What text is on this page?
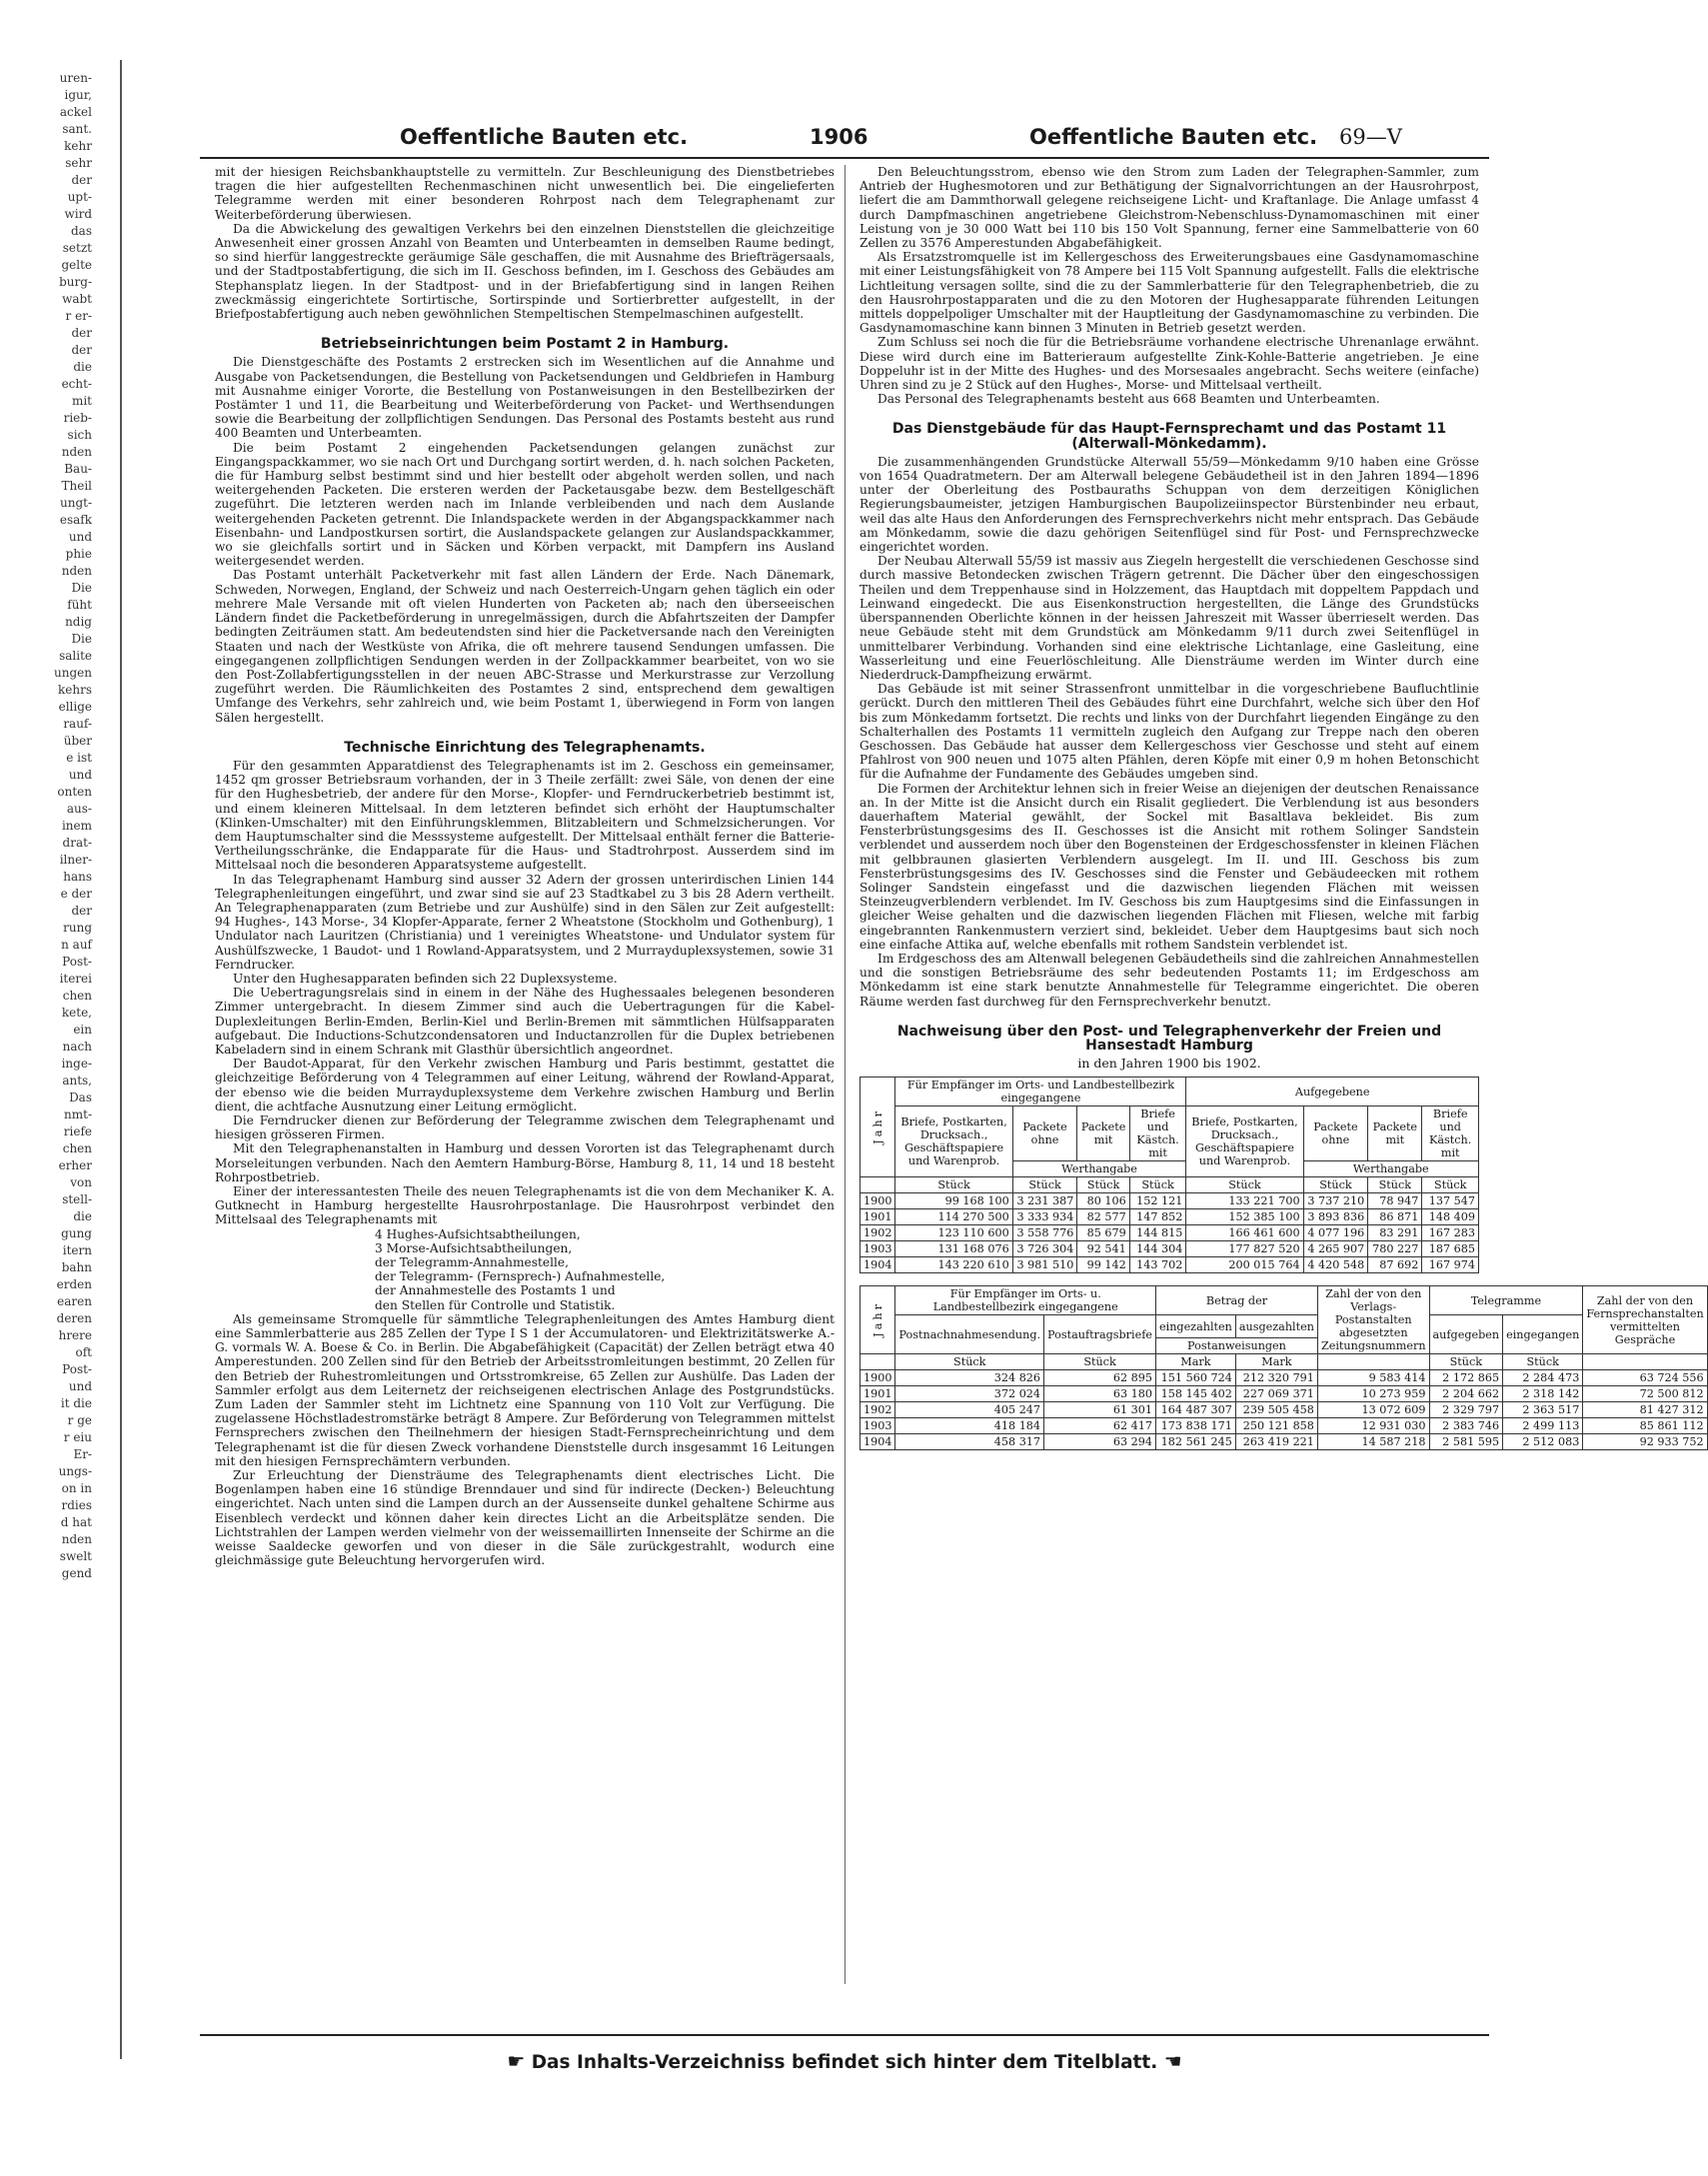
uren-
igur,
ackel
sant.
kehr
sehr
der
upt-
wird
das
setzt
gelte
burg-
wabt
r er-
der
der
die
echt-
mit
rieb-
sich
nden
Bau-
Theil
ungt-
esafk
und
phie
nden
Die
füht
ndig
Die
salite
ungen
kehrs
ellige
rauf-
über
e ist
und
onten
aus-
inem
drat-
ilner-
hans
e der
der
rung
n auf
Post-
iterei
chen
kete,
ein
nach
inge-
ants,
Das
nmt-
riefe
chen
erher
von
stell-
die
gung
itern
bahn
erden
earen
deren
hrere
oft
Post-
und
it die
r ge
r eiu
Er-
ungs-
on in
rdies
d hat
nden
swelt
gend
Oeffentliche Bauten etc.	1906	Oeffentliche Bauten etc. 69—V

mit der hiesigen Reichsbankhauptstelle zu vermitteln. Zur Beschleunigung des Dienstbetriebes tragen die hier aufgestellten Rechenmaschinen nicht unwesentlich bei. Die eingelieferten Telegramme werden mit einer besonderen Rohrpost nach dem Telegraphenamt zur Weiterbeförderung überwiesen.

Da die Abwickelung des gewaltigen Verkehrs bei den einzelnen Dienststellen die gleichzeitige Anwesenheit einer grossen Anzahl von Beamten und Unterbeamten in demselben Raume bedingt, so sind hierfür langgestreckte geräumige Säle geschaffen, die mit Ausnahme des Briefträgersaals, und der Stadtpostabfertigung, die sich im II. Geschoss befinden, im I. Geschoss des Gebäudes am Stephansplatz liegen. In der Stadtpost- und in der Briefabfertigung sind in langen Reihen zweckmässig eingerichtete Sortirtische, Sortirspinde und Sortierbretter aufgestellt, in der Briefpostabfertigung auch neben gewöhnlichen Stempeltischen Stempelmaschinen aufgestellt.

Betriebseinrichtungen beim Postamt 2 in Hamburg.

Die Dienstgeschäfte des Postamts 2 erstrecken sich im Wesentlichen auf die Annahme und Ausgabe von Packetsendungen, die Bestellung von Packetsendungen und Geldbriefen in Hamburg mit Ausnahme einiger Vororte, die Bestellung von Postanweisungen in den Bestellbezirken der Postämter 1 und 11, die Bearbeitung und Weiterbeförderung von Packet- und Werthsendungen sowie die Bearbeitung der zollpflichtigen Sendungen. Das Personal des Postamts besteht aus rund 400 Beamten und Unterbeamten.

Die beim Postamt 2 eingehenden Packetsendungen gelangen zunächst zur Eingangspackkammer, wo sie nach Ort und Durchgang sortirt werden, d. h. nach solchen Packeten, die für Hamburg selbst bestimmt sind und hier bestellt oder abgeholt werden sollen, und nach weitergehenden Packeten. Die ersteren werden der Packetausgabe bezw. dem Bestellgeschäft zugeführt. Die letzteren werden nach im Inlande verbleibenden und nach dem Auslande weitergehenden Packeten getrennt. Die Inlandspackete werden in der Abgangspackkammer nach Eisenbahn- und Landpostkursen sortirt, die Auslandspackete gelangen zur Auslandspackkammer, wo sie gleichfalls sortirt und in Säcken und Körben verpackt, mit Dampfern ins Ausland weitergesendet werden.

Das Postamt unterhält Packetverkehr mit fast allen Ländern der Erde. Nach Dänemark, Schweden, Norwegen, England, der Schweiz und nach Oesterreich-Ungarn gehen täglich ein oder mehrere Male Versande mit oft vielen Hunderten von Packeten ab; nach den überseeischen Ländern findet die Packetbeförderung in unregelmässigen, durch die Abfahrtszeiten der Dampfer bedingten Zeiträumen statt. Am bedeutendsten sind hier die Packetversande nach den Vereinigten Staaten und nach der Westküste von Afrika, die oft mehrere tausend Sendungen umfassen. Die eingegangenen zollpflichtigen Sendungen werden in der Zollpackkammer bearbeitet, von wo sie den Post-Zollabfertigungsstellen in der neuen ABC-Strasse und Merkurstrasse zur Verzollung zugeführt werden. Die Räumlichkeiten des Postamtes 2 sind, entsprechend dem gewaltigen Umfange des Verkehrs, sehr zahlreich und, wie beim Postamt 1, überwiegend in Form von langen Sälen hergestellt.

Technische Einrichtung des Telegraphenamts.

Für den gesammten Apparatdienst des Telegraphenamts ist im 2. Geschoss ein gemeinsamer, 1452 qm grosser Betriebsraum vorhanden, der in 3 Theile zerfällt: zwei Säle, von denen der eine für den Hughesbetrieb, der andere für den Morse-, Klopfer- und Ferndruckerbetrieb bestimmt ist, und einem kleineren Mittelsaal. In dem letzteren befindet sich erhöht der Hauptumschalter (Klinken-Umschalter) mit den Einführungsklemmen, Blitzableitern und Schmelzsicherungen. Vor dem Hauptumschalter sind die Messsysteme aufgestellt. Der Mittelsaal enthält ferner die Batterie-Vertheilungsschränke, die Endapparate für die Haus- und Stadtrohrpost. Ausserdem sind im Mittelsaal noch die besonderen Apparatsysteme aufgestellt.

In das Telegraphenamt Hamburg sind ausser 32 Adern der grossen unterirdischen Linien 144 Telegraphenleitungen eingeführt, und zwar sind sie auf 23 Stadtkabel zu 3 bis 28 Adern vertheilt. An Telegraphenapparaten (zum Betriebe und zur Aushülfe) sind in den Sälen zur Zeit aufgestellt: 94 Hughes-, 143 Morse-, 34 Klopfer-Apparate, ferner 2 Wheatstone (Stockholm und Gothenburg), 1 Undulator nach Lauritzen (Christiania) und 1 vereinigtes Wheatstone- und Undulator system für Aushülfszwecke, 1 Baudot- und 1 Rowland-Apparatsystem, und 2 Murrayduplexsystemen, sowie 31 Ferndrucker.

Unter den Hughesapparaten befinden sich 22 Duplexsysteme.

Die Uebertragungsrelais sind in einem in der Nähe des Hughessaales belegenen besonderen Zimmer untergebracht. In diesem Zimmer sind auch die Uebertragungen für die Kabel-Duplexleitungen Berlin-Emden, Berlin-Kiel und Berlin-Bremen mit sämmtlichen Hülfsapparaten aufgebaut. Die Inductions-Schutzcondensatoren und Inductanzrollen für die Duplex betriebenen Kabeladern sind in einem Schrank mit Glasthür übersichtlich angeordnet.

Der Baudot-Apparat, für den Verkehr zwischen Hamburg und Paris bestimmt, gestattet die gleichzeitige Beförderung von 4 Telegrammen auf einer Leitung, während der Rowland-Apparat, der ebenso wie die beiden Murrayduplexsysteme dem Verkehre zwischen Hamburg und Berlin dient, die achtfache Ausnutzung einer Leitung ermöglicht.

Die Ferndrucker dienen zur Beförderung der Telegramme zwischen dem Telegraphenamt und hiesigen grösseren Firmen.

Mit den Telegraphenanstalten in Hamburg und dessen Vororten ist das Telegraphenamt durch Morseleitungen verbunden. Nach den Aemtern Hamburg-Börse, Hamburg 8, 11, 14 und 18 besteht Rohrpostbetrieb.

Einer der interessantesten Theile des neuen Telegraphenamts ist die von dem Mechaniker K. A. Gutknecht in Hamburg hergestellte Hausrohrpostanlage. Die Hausrohrpost verbindet den Mittelsaal des Telegraphenamts mit

4 Hughes-Aufsichtsabtheilungen,
3 Morse-Aufsichtsabtheilungen,
der Telegramm-Annahmestelle,
der Telegramm- (Fernsprech-) Aufnahmestelle,
der Annahmestelle des Postamts 1 und
den Stellen für Controlle und Statistik.

Als gemeinsame Stromquelle für sämmtliche Telegraphenleitungen des Amtes Hamburg dient eine Sammlerbatterie aus 285 Zellen der Type I S 1 der Accumulatoren- und Elektrizitätswerke A.-G. vormals W. A. Boese & Co. in Berlin. Die Abgabefähigkeit (Capacität) der Zellen beträgt etwa 40 Amperestunden. 200 Zellen sind für den Betrieb der Arbeitsstromleitungen bestimmt, 20 Zellen für den Betrieb der Ruhestromleitungen und Ortsstromkreise, 65 Zellen zur Aushülfe. Das Laden der Sammler erfolgt aus dem Leiternetz der reichseigenen electrischen Anlage des Postgrundstücks. Zum Laden der Sammler steht im Lichtnetz eine Spannung von 110 Volt zur Verfügung. Die zugelassene Höchstladestromstärke beträgt 8 Ampere. Zur Beförderung von Telegrammen mittelst Fernsprechers zwischen den Theilnehmern der hiesigen Stadt-Fernsprecheinrichtung und dem Telegraphenamt ist die für diesen Zweck vorhandene Dienststelle durch insgesammt 16 Leitungen mit den hiesigen Fernsprechämtern verbunden.

Zur Erleuchtung der Diensträume des Telegraphenamts dient electrisches Licht. Die Bogenlampen haben eine 16 stündige Brenndauer und sind für indirecte (Decken-) Beleuchtung eingerichtet. Nach unten sind die Lampen durch an der Aussenseite dunkel gehaltene Schirme aus Eisenblech verdeckt und können daher kein directes Licht an die Arbeitsplätze senden. Die Lichtstrahlen der Lampen werden vielmehr von der weissemaillirten Innenseite der Schirme an die weisse Saaldecke geworfen und von dieser in die Säle zurückgestrahlt, wodurch eine gleichmässige gute Beleuchtung hervorgerufen wird.

Den Beleuchtungsstrom, ebenso wie den Strom zum Laden der Telegraphen-Sammler, zum Antrieb der Hughesmotoren und zur Bethätigung der Signalvorrichtungen an der Hausrohrpost, liefert die am Dammthorwall gelegene reichseigene Licht- und Kraftanlage. Die Anlage umfasst 4 durch Dampfmaschinen angetriebene Gleichstrom-Nebenschluss-Dynamomaschinen mit einer Leistung von je 30 000 Watt bei 110 bis 150 Volt Spannung, ferner eine Sammelbatterie von 60 Zellen zu 3576 Amperestunden Abgabefähigkeit.

Als Ersatzstromquelle ist im Kellergeschoss des Erweiterungsbaues eine Gasdynamomaschine mit einer Leistungsfähigkeit von 78 Ampere bei 115 Volt Spannung aufgestellt. Falls die elektrische Lichtleitung versagen sollte, sind die zu der Sammlerbatterie für den Telegraphenbetrieb, die zu den Hausrohrpostapparaten und die zu den Motoren der Hughesapparate führenden Leitungen mittels doppelpoliger Umschalter mit der Hauptleitung der Gasdynamomaschine zu verbinden. Die Gasdynamomaschine kann binnen 3 Minuten in Betrieb gesetzt werden.

Zum Schluss sei noch die für die Betriebsräume vorhandene electrische Uhrenanlage erwähnt. Diese wird durch eine im Batterieraum aufgestellte Zink-Kohle-Batterie angetrieben. Je eine Doppeluhr ist in der Mitte des Hughes- und des Morsesaales angebracht. Sechs weitere (einfache) Uhren sind zu je 2 Stück auf den Hughes-, Morse- und Mittelsaal vertheilt.

Das Personal des Telegraphenamts besteht aus 668 Beamten und Unterbeamten.

Das Dienstgebäude für das Haupt-Fernsprechamt und das Postamt 11 (Alterwall-Mönkedamm).

Die zusammenhängenden Grundstücke Alterwall 55/59—Mönkedamm 9/10 haben eine Grösse von 1654 Quadratmetern. Der am Alterwall belegene Gebäudetheil ist in den Jahren 1894—1896 unter der Oberleitung des Postbauraths Schuppan von dem derzeitigen Königlichen Regierungsbaumeister, jetzigen Hamburgischen Baupolizeiinspector Bürstenbinder neu erbaut, weil das alte Haus den Anforderungen des Fernsprechverkehrs nicht mehr entsprach. Das Gebäude am Mönkedamm, sowie die dazu gehörigen Seitenflügel sind für Post- und Fernsprechzwecke eingerichtet worden.

Der Neubau Alterwall 55/59 ist massiv aus Ziegeln hergestellt die verschiedenen Geschosse sind durch massive Betondecken zwischen Trägern getrennt. Die Dächer über den eingeschossigen Theilen und dem Treppenhause sind in Holzzement, das Hauptdach mit doppeltem Pappdach und Leinwand eingedeckt. Die aus Eisenkonstruction hergestellten, die Länge des Grundstücks überspannenden Oberlichte können in der heissen Jahreszeit mit Wasser überrieselt werden. Das neue Gebäude steht mit dem Grundstück am Mönkedamm 9/11 durch zwei Seitenflügel in unmittelbarer Verbindung. Vorhanden sind eine elektrische Lichtanlage, eine Gasleitung, eine Wasserleitung und eine Feuerlöschleitung. Alle Diensträume werden im Winter durch eine Niederdruck-Dampfheizung erwärmt.

Das Gebäude ist mit seiner Strassenfront unmittelbar in die vorgeschriebene Baufluchtlinie gerückt. Durch den mittleren Theil des Gebäudes führt eine Durchfahrt, welche sich über den Hof bis zum Mönkedamm fortsetzt. Die rechts und links von der Durchfahrt liegenden Eingänge zu den Schalterhallen des Postamts 11 vermitteln zugleich den Aufgang zur Treppe nach den oberen Geschossen. Das Gebäude hat ausser dem Kellergeschoss vier Geschosse und steht auf einem Pfahlrost von 900 neuen und 1075 alten Pfählen, deren Köpfe mit einer 0,9 m hohen Betonschicht für die Aufnahme der Fundamente des Gebäudes umgeben sind.

Die Formen der Architektur lehnen sich in freier Weise an diejenigen der deutschen Renaissance an. In der Mitte ist die Ansicht durch ein Risalit gegliedert. Die Verblendung ist aus besonders dauerhaftem Material gewählt, der Sockel mit Basaltlava bekleidet. Bis zum Fensterbrüstungsgesims des II. Geschosses ist die Ansicht mit rothem Solinger Sandstein verblendet und ausserdem noch über den Bogensteinen der Erdgeschossfenster in kleinen Flächen mit gelbbraunen glasierten Verblendern ausgelegt. Im II. und III. Geschoss bis zum Fensterbrüstungsgesims des IV. Geschosses sind die Fenster und Gebäudeecken mit rothem Solinger Sandstein eingefasst und die dazwischen liegenden Flächen mit weissen Steinzeugverblendern verblendet. Im IV. Geschoss bis zum Hauptgesims sind die Einfassungen in gleicher Weise gehalten und die dazwischen liegenden Flächen mit Fliesen, welche mit farbig eingebrannten Rankenmustern verziert sind, bekleidet. Ueber dem Hauptgesims baut sich noch eine einfache Attika auf, welche ebenfalls mit rothem Sandstein verblendet ist.

Im Erdgeschoss des am Altenwall belegenen Gebäudetheils sind die zahlreichen Annahmestellen und die sonstigen Betriebsräume des sehr bedeutenden Postamts 11; im Erdgeschoss am Mönkedamm ist eine stark benutzte Annahmestelle für Telegramme eingerichtet. Die oberen Räume werden fast durchweg für den Fernsprechverkehr benutzt.

Nachweisung über den Post- und Telegraphenverkehr der Freien und Hansestadt Hamburg
in den Jahren 1900 bis 1902.
Jahr	Für Empfänger im Orts- und Landbestellbezirk eingegangene				Aufgegebene			
	Briefe, Postkarten, Drucksach., Geschäftspapiere und Warenprob.	Packete ohne	Packete mit	Briefe und Kästch. mit	Briefe, Postkarten, Drucksach., Geschäftspapiere und Warenprob.	Packete ohne	Packete mit	Briefe und Kästch. mit
		Werthangabe				Werthangabe		
	Stück	Stück	Stück	Stück	Stück	Stück	Stück	Stück
1900	99 168 100	3 231 387	80 106	152 121	133 221 700	3 737 210	78 947	137 547
1901	114 270 500	3 333 934	82 577	147 852	152 385 100	3 893 836	86 871	148 409
1902	123 110 600	3 558 776	85 679	144 815	166 461 600	4 077 196	83 291	167 283
1903	131 168 076	3 726 304	92 541	144 304	177 827 520	4 265 907	780 227	187 685
1904	143 220 610	3 981 510	99 142	143 702	200 015 764	4 420 548	87 692	167 974
Jahr	Für Empfänger im Orts- u. Landbestellbezirk eingegangene		Betrag der		Zahl der von den Verlags-Postanstalten abgesetzten Zeitungsnummern	Telegramme		Zahl der von den Fernsprechanstalten vermittelten Gespräche
	Postnachnahmesendung.	Postauftragsbriefe	eingezahlten	ausgezahlten		aufgegeben	eingegangen	
			Postanweisungen					
	Stück	Stück	Mark	Mark		Stück	Stück	
1900	324 826	62 895	151 560 724	212 320 791	9 583 414	2 172 865	2 284 473	63 724 556
1901	372 024	63 180	158 145 402	227 069 371	10 273 959	2 204 662	2 318 142	72 500 812
1902	405 247	61 301	164 487 307	239 505 458	13 072 609	2 329 797	2 363 517	81 427 312
1903	418 184	62 417	173 838 171	250 121 858	12 931 030	2 383 746	2 499 113	85 861 112
1904	458 317	63 294	182 561 245	263 419 221	14 587 218	2 581 595	2 512 083	92 933 752
☛ Das Inhalts-Verzeichniss befindet sich hinter dem Titelblatt. ☚
